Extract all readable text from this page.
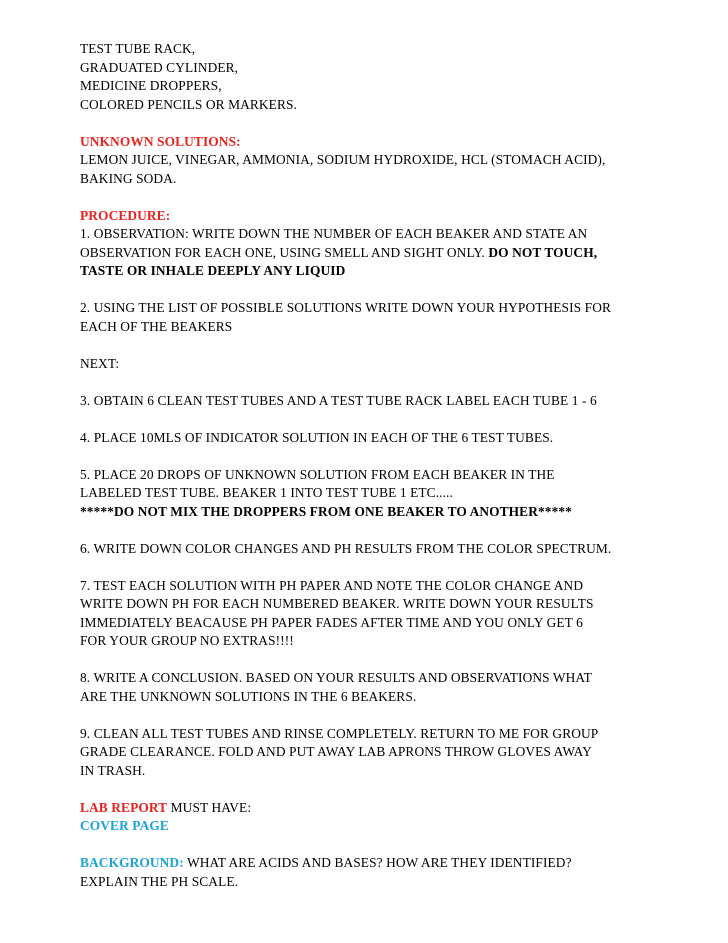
TEST TUBE RACK,
GRADUATED CYLINDER,
MEDICINE DROPPERS,
COLORED PENCILS OR MARKERS.
UNKNOWN SOLUTIONS:
LEMON JUICE, VINEGAR, AMMONIA, SODIUM HYDROXIDE, HCL (STOMACH ACID),
BAKING SODA.
PROCEDURE:
1. OBSERVATION: WRITE DOWN THE NUMBER OF EACH BEAKER AND STATE AN
OBSERVATION FOR EACH ONE, USING SMELL AND SIGHT ONLY. DO NOT TOUCH,
TASTE OR INHALE DEEPLY ANY LIQUID
2. USING THE LIST OF POSSIBLE SOLUTIONS WRITE DOWN YOUR HYPOTHESIS FOR
EACH OF THE BEAKERS
NEXT:
3. OBTAIN 6 CLEAN TEST TUBES AND A TEST TUBE RACK LABEL EACH TUBE 1 - 6
4. PLACE 10MLS OF INDICATOR SOLUTION IN EACH OF THE 6 TEST TUBES.
5. PLACE 20 DROPS OF UNKNOWN SOLUTION FROM EACH BEAKER IN THE
LABELED TEST TUBE. BEAKER 1 INTO TEST TUBE 1 ETC.....
*****DO NOT MIX THE DROPPERS FROM ONE BEAKER TO ANOTHER*****
6. WRITE DOWN COLOR CHANGES AND PH RESULTS FROM THE COLOR SPECTRUM.
7. TEST EACH SOLUTION WITH PH PAPER AND NOTE THE COLOR CHANGE AND
WRITE DOWN PH FOR EACH NUMBERED BEAKER. WRITE DOWN YOUR RESULTS
IMMEDIATELY BEACAUSE PH PAPER FADES AFTER TIME AND YOU ONLY GET 6
FOR YOUR GROUP NO EXTRAS!!!!
8. WRITE A CONCLUSION. BASED ON YOUR RESULTS AND OBSERVATIONS WHAT
ARE THE UNKNOWN SOLUTIONS IN THE 6 BEAKERS.
9. CLEAN ALL TEST TUBES AND RINSE COMPLETELY. RETURN TO ME FOR GROUP
GRADE CLEARANCE. FOLD AND PUT AWAY LAB APRONS THROW GLOVES AWAY
IN TRASH.
LAB REPORT MUST HAVE:
COVER PAGE
BACKGROUND: WHAT ARE ACIDS AND BASES? HOW ARE THEY IDENTIFIED?
EXPLAIN THE PH SCALE.
